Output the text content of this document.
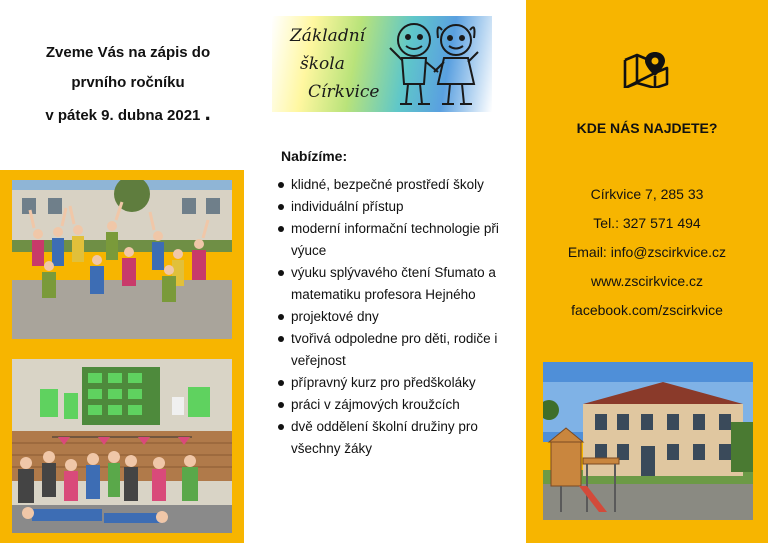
Zveme Vás na zápis do
prvního ročníku
v pátek 9. dubna 2021 .
Základní
škola
Církvice
Nabízíme:
klidné, bezpečné prostředí školy
individuální přístup
moderní informační technologie při výuce
výuku splývavého čtení Sfumato a matematiku profesora Hejného
projektové dny
tvořivá odpoledne pro děti, rodiče i veřejnost
přípravný kurz pro předškoláky
práci v zájmových kroužcích
dvě oddělení školní družiny pro všechny žáky
KDE NÁS NAJDETE?
Církvice 7, 285 33
Tel.: 327 571 494
Email: info@zscirkvice.cz
www.zscirkvice.cz
facebook.com/zscirkvice
